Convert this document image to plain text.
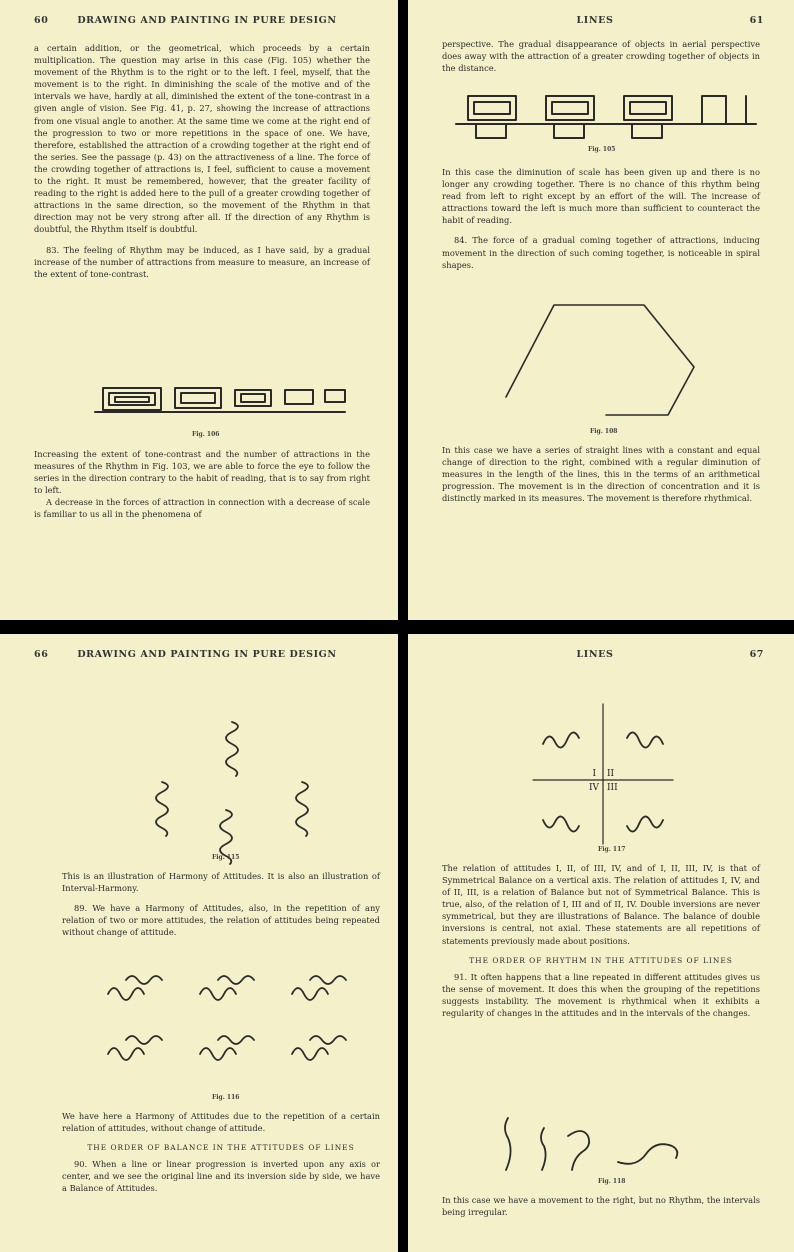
60	DRAWING AND PAINTING IN PURE DESIGN

a certain addition, or the geometrical, which proceeds by a certain multiplication. The question may arise in this case (Fig. 105) whether the movement of the Rhythm is to the right or to the left. I feel, myself, that the movement is to the right. In diminishing the scale of the motive and of the intervals we have, hardly at all, diminished the extent of the tone-contrast in a given angle of vision. See Fig. 41, p. 27, showing the increase of attractions from one visual angle to another. At the same time we come at the right end of the progression to two or more repetitions in the space of one. We have, therefore, established the attraction of a crowding together at the right end of the series. See the passage (p. 43) on the attractiveness of a line. The force of the crowding together of attractions is, I feel, sufficient to cause a movement to the right. It must be remembered, however, that the greater facility of reading to the right is added here to the pull of a greater crowding together of attractions in the same direction, so the movement of the Rhythm in that direction may not be very strong after all. If the direction of any Rhythm is doubtful, the Rhythm itself is doubtful.

83. The feeling of Rhythm may be induced, as I have said, by a gradual increase of the number of attractions from measure to measure, an increase of the extent of tone-contrast.

Fig. 106

Increasing the extent of tone-contrast and the number of attractions in the measures of the Rhythm in Fig. 103, we are able to force the eye to follow the series in the direction contrary to the habit of reading, that is to say from right to left.

A decrease in the forces of attraction in connection with a decrease of scale is familiar to us all in the phenomena of

LINES	61

perspective. The gradual disappearance of objects in aerial perspective does away with the attraction of a greater crowding together of objects in the distance.

Fig. 105

In this case the diminution of scale has been given up and there is no longer any crowding together. There is no chance of this rhythm being read from left to right except by an effort of the will. The increase of attractions toward the left is much more than sufficient to counteract the habit of reading.

84. The force of a gradual coming together of attractions, inducing movement in the direction of such coming together, is noticeable in spiral shapes.

Fig. 108

In this case we have a series of straight lines with a constant and equal change of direction to the right, combined with a regular diminution of measures in the length of the lines, this in the terms of an arithmetical progression. The movement is in the direction of concentration and it is distinctly marked in its measures. The movement is therefore rhythmical.

66	DRAWING AND PAINTING IN PURE DESIGN
Fig. 115

This is an illustration of Harmony of Attitudes. It is also an illustration of Interval-Harmony.

89. We have a Harmony of Attitudes, also, in the repetition of any relation of two or more attitudes, the relation of attitudes being repeated without change of attitude.

Fig. 116

We have here a Harmony of Attitudes due to the repetition of a certain relation of attitudes, without change of attitude.

THE ORDER OF BALANCE IN THE ATTITUDES OF LINES

90. When a line or linear progression is inverted upon any axis or center, and we see the original line and its inversion side by side, we have a Balance of Attitudes.

LINES	67
I II
IV III
Fig. 117

The relation of attitudes I, II, of III, IV, and of I, II, III, IV, is that of Symmetrical Balance on a vertical axis. The relation of attitudes I, IV, and of II, III, is a relation of Balance but not of Symmetrical Balance. This is true, also, of the relation of I, III and of II, IV. Double inversions are never symmetrical, but they are illustrations of Balance. The balance of double inversions is central, not axial. These statements are all repetitions of statements previously made about positions.

THE ORDER OF RHYTHM IN THE ATTITUDES OF LINES

91. It often happens that a line repeated in different attitudes gives us the sense of movement. It does this when the grouping of the repetitions suggests instability. The movement is rhythmical when it exhibits a regularity of changes in the attitudes and in the intervals of the changes.

Fig. 118

In this case we have a movement to the right, but no Rhythm, the intervals being irregular.
